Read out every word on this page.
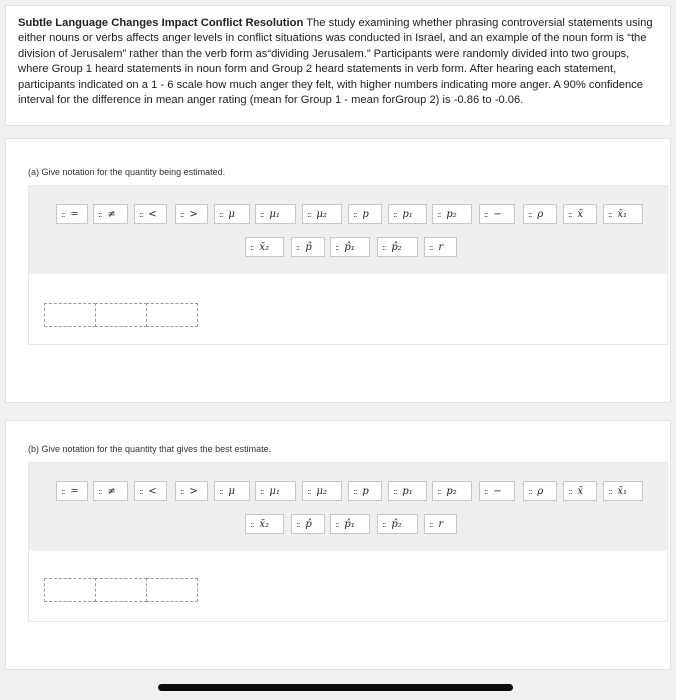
Subtle Language Changes Impact Conflict Resolution The study examining whether phrasing controversial statements using either nouns or verbs affects anger levels in conflict situations was conducted in Israel, and an example of the noun form is “the division of Jerusalem” rather than the verb form as“dividing Jerusalem.” Participants were randomly divided into two groups, where Group 1 heard statements in noun form and Group 2 heard statements in verb form. After hearing each statement, participants indicated on a 1 - 6 scale how much anger they felt, with higher numbers indicating more anger. A 90% confidence interval for the difference in mean anger rating (mean for Group 1 - mean forGroup 2) is -0.86 to -0.06.
(a) Give notation for the quantity being estimated.
:: = :: ≠	:: <	:: >	:: μ	:: μ₁	:: μ₂	:: p	:: p₁	:: p₂	:: −	:: ρ	:: x̄	:: x̄₁
:: x̄₂	:: p̂	:: p̂₁	:: p̂₂	:: r
(b) Give notation for the quantity that gives the best estimate.
:: = :: ≠	:: <	:: >	:: μ	:: μ₁	:: μ₂	:: p	:: p₁	:: p₂	:: −	:: ρ	:: x̄	:: x̄₁
:: x̄₂	:: p̂	:: p̂₁	:: p̂₂	:: r
